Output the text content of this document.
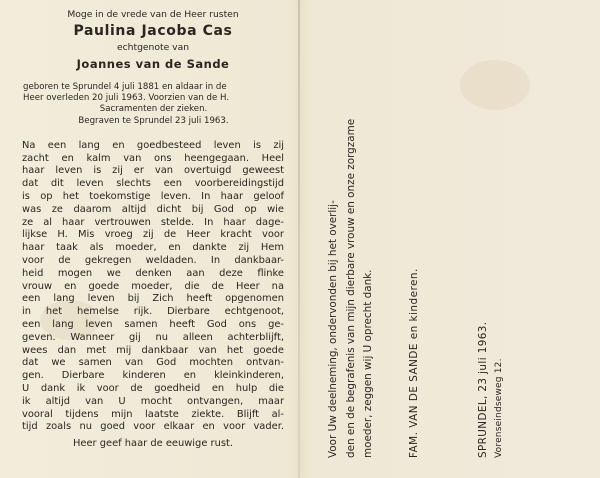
Moge in de vrede van de Heer rusten
Paulina Jacoba Cas
echtgenote van
Joannes van de Sande
geboren te Sprundel 4 juli 1881 en aldaar in de
Heer overleden 20 juli 1963. Voorzien van de H.
Sacramenten der zieken.
Begraven te Sprundel 23 juli 1963.
Na een lang en goedbesteed leven is zij
zacht en kalm van ons heengegaan. Heel
haar leven is zij er van overtuigd geweest
dat dit leven slechts een voorbereidingstijd
is op het toekomstige leven. In haar geloof
was ze daarom altijd dicht bij God op wie
ze al haar vertrouwen stelde. In haar dage-
lijkse H. Mis vroeg zij de Heer kracht voor
haar taak als moeder, en dankte zij Hem
voor de gekregen weldaden. In dankbaar-
heid mogen we denken aan deze flinke
vrouw en goede moeder, die de Heer na
een lang leven bij Zich heeft opgenomen
in het hemelse rijk. Dierbare echtgenoot,
een lang leven samen heeft God ons ge-
geven. Wanneer gij nu alleen achterblijft,
wees dan met mij dankbaar van het goede
dat we samen van God mochten ontvan-
gen. Dierbare kinderen en kleinkinderen,
U dank ik voor de goedheid en hulp die
ik altijd van U mocht ontvangen, maar
vooral tijdens mijn laatste ziekte. Blijft al-
tijd zoals nu goed voor elkaar en voor vader.
Heer geef haar de eeuwige rust.	Voor Uw deelneming, ondervonden bij het overlij- den en de begrafenis van mijn dierbare vrouw en onze zorgzame moeder, zeggen wij U oprecht dank.	FAM. VAN DE SANDE en kinderen.	SPRUNDEL, 23 juli 1963. Vorenseindseweg 12.
